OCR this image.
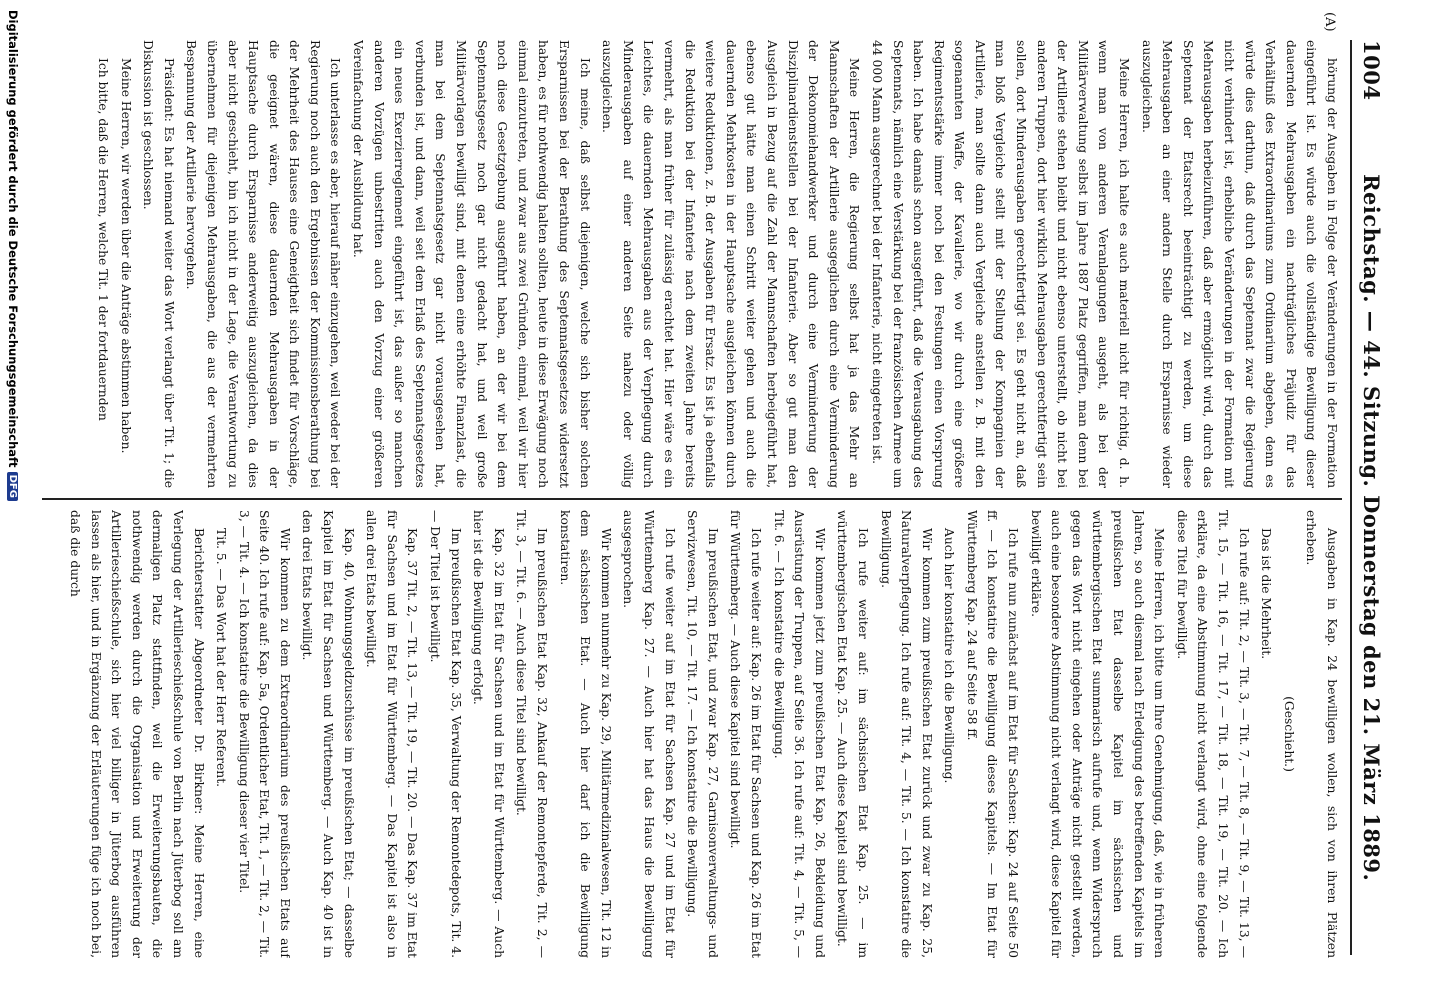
(A)
1004
Reichstag. — 44. Sitzung. Donnerstag den 21. März 1889.

hörung der Ausgaben in Folge der Veränderungen in der Formation eingeführt ist. Es würde auch die vollständige Bewilligung dieser dauernden Mehrausgaben ein nachträgliches Präjudiz für das Verhältniß des Extraordinariums zum Ordinarium abgeben, denn es würde dies darthun, daß durch das Septennat zwar die Regierung nicht verhindert ist, erhebliche Veränderungen in der Formation mit Mehrausgaben herbeizuführen, daß aber ermöglicht wird, durch das Septennat der Etatsrecht beeinträchtigt zu werden, um diese Mehrausgaben an einer andern Stelle durch Ersparnisse wieder auszugleichen.

Meine Herren, ich halte es auch materiell nicht für richtig, d. h. wenn man von anderen Veranlagungen ausgeht, als bei der Militärverwaltung selbst im Jahre 1887 Platz gegriffen, man denn bei der Artillerie stehen bleibt und nicht ebenso unterstellt, ob nicht bei anderen Truppen, dort hier wirklich Mehrausgaben gerechtfertigt sein sollen, dort Minderausgaben gerechtfertigt sei. Es geht nicht an, daß man bloß Vergleiche stellt mit der Stellung der Kompagnien der Artillerie, man sollte dann auch Vergleiche anstellen z. B. mit den sogenannten Waffe, der Kavallerie, wo wir durch eine größere Regimentsstärke immer noch bei den Festungen einen Vorsprung haben. Ich habe damals schon ausgeführt, daß die Verausgabung des Septennats, nämlich eine Verstärkung bei der französischen Armee um 44 000 Mann ausgerechnet bei der Infanterie, nicht eingetreten ist.

Meine Herren, die Regierung selbst hat ja das Mehr an Mannschaften der Artillerie ausgeglichen durch eine Verminderung der Dekonomiehandwerker und durch eine Verminderung der Disziplinardienststellen bei der Infanterie. Aber so gut man den Ausgleich in Bezug auf die Zahl der Mannschaften herbeigeführt hat, ebenso gut hätte man einen Schritt weiter gehen und auch die dauernden Mehrkosten in der Hauptsache ausgleichen können durch weitere Reduktionen, z. B. der Ausgaben für Ersatz. Es ist ja ebenfalls die Reduktion bei der Infanterie nach dem zweiten Jahre bereits vermehrt, als man früher für zulässig erachtet hat. Hier wäre es ein Leichtes, die dauernden Mehrausgaben aus der Verpflegung durch Minderausgaben auf einer anderen Seite nahezu oder völlig auszugleichen.

Ich meine, daß selbst diejenigen, welche sich bisher solchen Ersparnissen bei der Berathung des Septennatsgesetzes widersetzt haben, es für nothwendig halten sollten, heute in diese Erwägung noch einmal einzutreten, und zwar aus zwei Gründen, einmal, weil wir hier noch diese Gesetzgebung ausgeführt haben, an der wir bei dem Septennatsgesetz noch gar nicht gedacht hat, und weil große Militärvorlagen bewilligt sind, mit denen eine erhöhte Finanzlast, die man bei dem Septennatsgesetz gar nicht vorausgesehen hat, verbunden ist, und dann, weil seit dem Erlaß des Septennatsgesetzes ein neues Exerzierreglement eingeführt ist, das außer so manchen anderen Vorzügen unbestritten auch den Vorzug einer größeren Vereinfachung der Ausbildung hat.

Ich unterlasse es aber, hierauf näher einzugehen, weil weder bei der Regierung noch auch den Ergebnissen der Kommissionsberathung bei der Mehrheit des Hauses eine Geneigtheit sich findet für Vorschläge, die geeignet wären, diese dauernden Mehrausgaben in der Hauptsache durch Ersparnisse anderweitig auszugleichen, da dies aber nicht geschieht, bin ich nicht in der Lage, die Verantwortung zu übernehmen für diejenigen Mehrausgaben, die aus der vermehrten Bespannung der Artillerie hervorgehen.

Präsident: Es hat niemand weiter das Wort verlangt über Tit. 1; die Diskussion ist geschlossen.

Meine Herren, wir werden über die Anträge abstimmen haben.

Ich bitte, daß die Herren, welche Tit. 1 der fortdauernden

Ausgaben in Kap. 24 bewilligen wollen, sich von ihren Plätzen erheben.

(Geschieht.)

Das ist die Mehrheit.

Ich rufe auf: Tit. 2, — Tit. 3, — Tit. 7, — Tit. 8, — Tit. 9, — Tit. 13, — Tit. 15, — Tit. 16, — Tit. 17, — Tit. 18, — Tit. 19, — Tit. 20. — Ich erkläre, da eine Abstimmung nicht verlangt wird, ohne eine folgende diese Titel für bewilligt.

Meine Herren, ich bitte um Ihre Genehmigung, daß, wie in früheren Jahren, so auch diesmal nach Erledigung des betreffenden Kapitels im preußischen Etat dasselbe Kapitel im sächsischen und württembergischen Etat summarisch aufrufe und, wenn Widerspruch gegen das Wort nicht eingehen oder Anträge nicht gestellt werden, auch eine besondere Abstimmung nicht verlangt wird, diese Kapitel für bewilligt erkläre.

Ich rufe nun zunächst auf im Etat für Sachsen: Kap. 24 auf Seite 50 ff. — Ich konstatire die Bewilligung dieses Kapitels. — Im Etat für Württemberg Kap. 24 auf Seite 58 ff.

Auch hier konstatire ich die Bewilligung.

Wir kommen zum preußischen Etat zurück und zwar zu Kap. 25, Naturalverpflegung. Ich rufe auf: Tit. 4, — Tit. 5. — Ich konstatire die Bewilligung.

Ich rufe weiter auf: im sächsischen Etat Kap. 25. — im württembergischen Etat Kap. 25. — Auch diese Kapitel sind bewilligt.

Wir kommen jetzt zum preußischen Etat Kap. 26, Bekleidung und Ausrüstung der Truppen, auf Seite 36. Ich rufe auf: Tit. 4, — Tit. 5, — Tit. 6. — Ich konstatire die Bewilligung.

Ich rufe weiter auf: Kap. 26 im Etat für Sachsen und Kap. 26 im Etat für Württemberg. — Auch diese Kapitel sind bewilligt.

Im preußischen Etat, und zwar Kap. 27, Garnisonverwaltungs- und Servizwesen, Tit. 10, — Tit. 17. — Ich konstatire die Bewilligung.

Ich rufe weiter auf im Etat für Sachsen Kap. 27 und im Etat für Württemberg Kap. 27. — Auch hier hat das Haus die Bewilligung ausgesprochen.

Wir kommen nunmehr zu Kap. 29, Militärmedizinalwesen, Tit. 12 in dem sächsischen Etat. — Auch hier darf ich die Bewilligung konstatiren.

Im preußischen Etat Kap. 32, Ankauf der Remontepferde, Tit. 2, — Tit. 3, — Tit. 6. — Auch diese Titel sind bewilligt.

Kap. 32 im Etat für Sachsen und im Etat für Württemberg. — Auch hier ist die Bewilligung erfolgt.

Im preußischen Etat Kap. 35, Verwaltung der Remontedepots, Tit. 4. — Der Titel ist bewilligt.

Kap. 37 Tit. 2, — Tit. 13, — Tit. 19, — Tit. 20. — Das Kap. 37 im Etat für Sachsen und im Etat für Württemberg. — Das Kapitel ist also in allen drei Etats bewilligt.

Kap. 40, Wohnungsgeldzuschüsse im preußischen Etat; — dasselbe Kapitel im Etat für Sachsen und Württemberg. — Auch Kap. 40 ist in den drei Etats bewilligt.

Wir kommen zu dem Extraordinarium des preußischen Etats auf Seite 40. Ich rufe auf: Kap. 5a, Ordentlicher Etat, Tit. 1, — Tit. 2, — Tit. 3, — Tit. 4. — Ich konstatire die Bewilligung dieser vier Titel.

Tit. 5. — Das Wort hat der Herr Referent.

Berichterstatter Abgeordneter Dr. Birkner: Meine Herren, eine Verlegung der Artillerieschießschule von Berlin nach Jüterbog soll am dermaligen Platz stattfinden, weil die Erweiterungsbauten, die nothwendig werden durch die Organisation und Erweiterung der Artillerieschießschule, sich hier viel billiger in Jüterbog ausführen lassen als hier, und in Ergänzung der Erläuterungen füge ich noch bei, daß die durch

Digitalisierung gefördert durch die Deutsche Forschungsgemeinschaft
DFG
